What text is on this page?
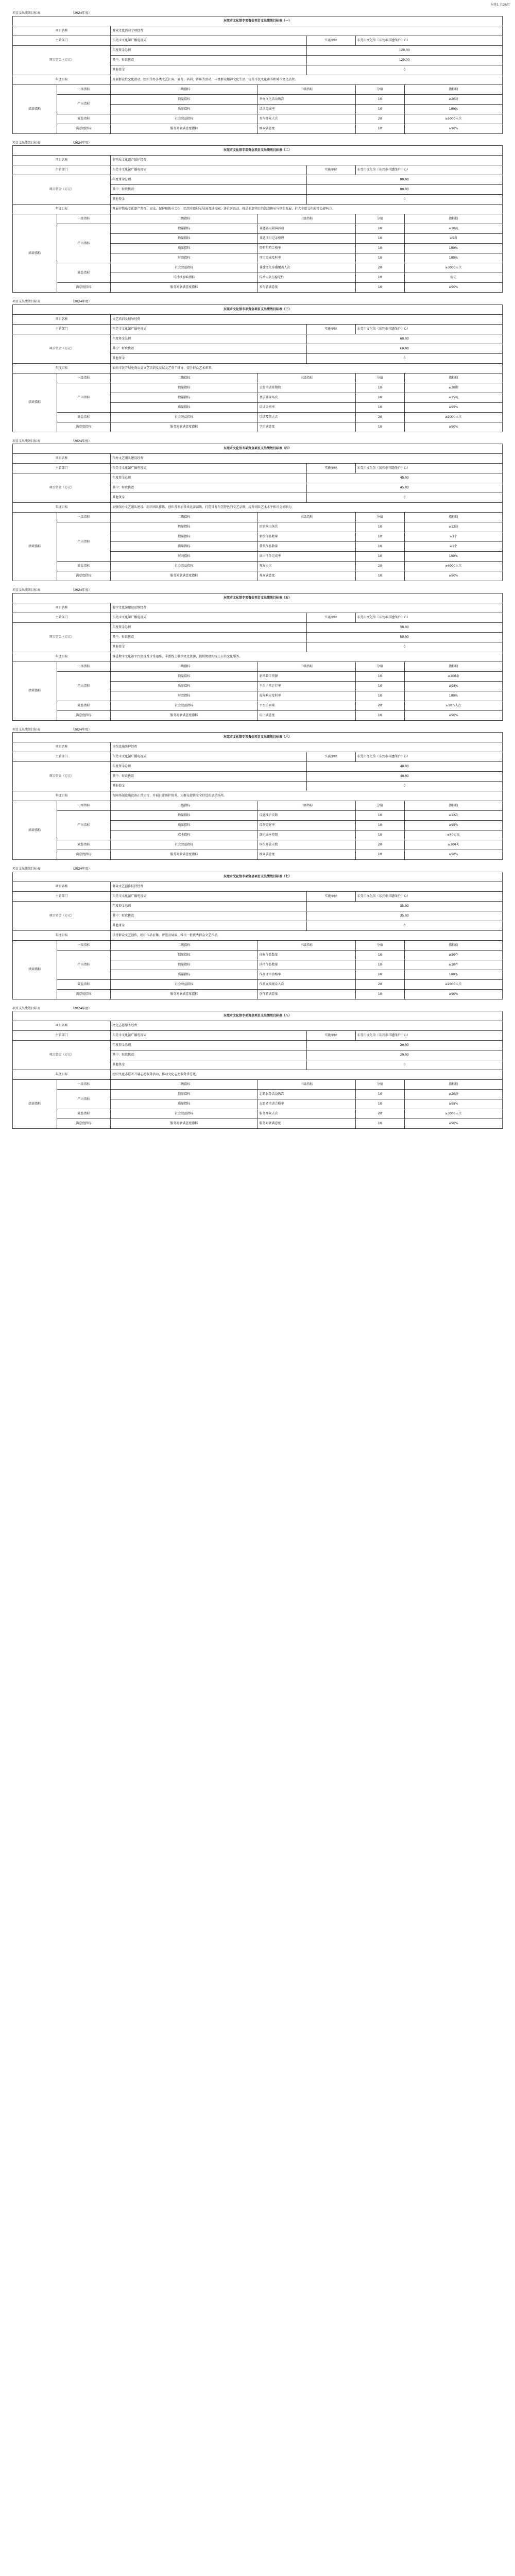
附件1 共26页
项目支出绩效目标表	（2024年度）
东莞市文化馆专项资金项目支出绩效目标表（一）						
项目名称		群众文化活动专项经费				
主管部门		东莞市文化馆广播电视局		实施单位	东莞市文化馆（东莞市非遗保护中心）	
项目资金（万元）		年度资金总额		120.00		
		其中：财政拨款		120.00		
		其他资金		0		
年度目标		开展群众性文化活动，组织举办各类文艺汇演、展览、培训、讲座等活动，丰富群众精神文化生活，提升市民文化素养和城市文化品位。				
绩效指标	一级指标	二级指标	三级指标		分值	指标值
	产出指标	数量指标	举办文化活动场次		10	≥20场
		质量指标	活动完成率		10	100%
	效益指标	社会效益指标	参与群众人次		20	≥5000人次
	满意度指标	服务对象满意度指标	群众满意度		10	≥90%
项目支出绩效目标表	（2024年度）
东莞市文化馆专项资金项目支出绩效目标表（二）						
项目名称		非物质文化遗产保护经费				
主管部门		东莞市文化馆广播电视局		实施单位	东莞市文化馆（东莞市非遗保护中心）	
项目资金（万元）		年度资金总额		80.00		
		其中：财政拨款		80.00		
		其他资金		0		
年度目标		开展非物质文化遗产普查、记录、保护和传承工作，组织非遗展示展演及进校园、进社区活动，推动非遗项目的活态传承与创新发展，扩大非遗文化的社会影响力。				
绩效指标	一级指标	二级指标	三级指标		分值	指标值
	产出指标	数量指标	非遗展示展演活动		10	≥10场
		数量指标	非遗项目记录整理		10	≥5项
		质量指标	资料归档合格率		10	100%
		时效指标	项目完成及时率		10	100%
	效益指标	社会效益指标	非遗文化传播覆盖人次		20	≥3000人次
		可持续影响指标	传承人队伍稳定性		10	稳定
	满意度指标	服务对象满意度指标	参与者满意度		10	≥90%
项目支出绩效目标表	（2024年度）
东莞市文化馆专项资金项目支出绩效目标表（三）						
项目名称		文艺培训及辅导经费				
主管部门		东莞市文化馆广播电视局		实施单位	东莞市文化馆（东莞市非遗保护中心）	
项目资金（万元）		年度资金总额		60.00		
		其中：财政拨款		60.00		
		其他资金		0		
年度目标		面向市民开展免费公益文艺培训及基层文艺骨干辅导，提升群众艺术素养。				
绩效指标	一级指标	二级指标	三级指标		分值	指标值
	产出指标	数量指标	公益培训班期数		10	≥30期
		数量指标	基层辅导场次		10	≥15场
		质量指标	培训合格率		10	≥95%
	效益指标	社会效益指标	培训覆盖人次		20	≥2000人次
	满意度指标	服务对象满意度指标	学员满意度		10	≥90%
项目支出绩效目标表	（2024年度）
东莞市文化馆专项资金项目支出绩效目标表（四）						
项目名称		馆办文艺团队建设经费				
主管部门		东莞市文化馆广播电视局		实施单位	东莞市文化馆（东莞市非遗保护中心）	
项目资金（万元）		年度资金总额		45.00		
		其中：财政拨款		45.00		
		其他资金		0		
年度目标		加强馆办文艺团队建设，组织团队排练、创作及参加各类比赛演出，打造具有东莞特色的文艺品牌，提升团队艺术水平和社会影响力。				
绩效指标	一级指标	二级指标	三级指标		分值	指标值
	产出指标	数量指标	团队演出场次		10	≥12场
		数量指标	新创作品数量		10	≥3个
		质量指标	获奖作品数量		10	≥1个
		时效指标	演出任务完成率		10	100%
	效益指标	社会效益指标	观众人次		20	≥4000人次
	满意度指标	服务对象满意度指标	观众满意度		10	≥90%
项目支出绩效目标表	（2024年度）
东莞市文化馆专项资金项目支出绩效目标表（五）						
项目名称		数字文化馆建设运维经费				
主管部门		东莞市文化馆广播电视局		实施单位	东莞市文化馆（东莞市非遗保护中心）	
项目资金（万元）		年度资金总额		50.00		
		其中：财政拨款		50.00		
		其他资金		0		
年度目标		推进数字文化馆平台建设及日常运维，丰富线上数字文化资源，提供便捷的线上公共文化服务。				
绩效指标	一级指标	二级指标	三级指标		分值	指标值
	产出指标	数量指标	新增数字资源		10	≥100条
		质量指标	平台正常运行率		10	≥98%
		时效指标	故障响应及时率		10	100%
	效益指标	社会效益指标	平台访问量		20	≥10万人次
	满意度指标	服务对象满意度指标	用户满意度		10	≥90%
项目支出绩效目标表	（2024年度）
东莞市文化馆专项资金项目支出绩效目标表（六）						
项目名称		场馆设施维护经费				
主管部门		东莞市文化馆广播电视局		实施单位	东莞市文化馆（东莞市非遗保护中心）	
项目资金（万元）		年度资金总额		40.00		
		其中：财政拨款		40.00		
		其他资金		0		
年度目标		保障场馆设施设备正常运行，开展日常维护保养，为群众提供安全舒适的活动场所。				
绩效指标	一级指标	二级指标	三级指标		分值	指标值
	产出指标	数量指标	设施维护次数		10	≥12次
		质量指标	设备完好率		10	≥95%
		成本指标	维护成本控制		10	≤40万元
	效益指标	社会效益指标	场馆开放天数		20	≥300天
	满意度指标	服务对象满意度指标	群众满意度		10	≥90%
项目支出绩效目标表	（2024年度）
东莞市文化馆专项资金项目支出绩效目标表（七）						
项目名称		群众文艺创作扶持经费				
主管部门		东莞市文化馆广播电视局		实施单位	东莞市文化馆（东莞市非遗保护中心）	
项目资金（万元）		年度资金总额		35.00		
		其中：财政拨款		35.00		
		其他资金		0		
年度目标		扶持群众文艺创作，组织作品征集、评选及展演，推出一批优秀群众文艺作品。				
绩效指标	一级指标	二级指标	三级指标		分值	指标值
	产出指标	数量指标	征集作品数量		10	≥50件
		数量指标	扶持作品数量		10	≥10件
		质量指标	作品评审合格率		10	100%
	效益指标	社会效益指标	作品展演观众人次		20	≥2000人次
	满意度指标	服务对象满意度指标	创作者满意度		10	≥90%
项目支出绩效目标表	（2024年度）
东莞市文化馆专项资金项目支出绩效目标表（八）						
项目名称		文化志愿服务经费				
主管部门		东莞市文化馆广播电视局		实施单位	东莞市文化馆（东莞市非遗保护中心）	
项目资金（万元）		年度资金总额		20.00		
		其中：财政拨款		20.00		
		其他资金		0		
年度目标		组织文化志愿者开展志愿服务活动，推动文化志愿服务常态化。				
绩效指标	一级指标	二级指标	三级指标		分值	指标值
	产出指标	数量指标	志愿服务活动场次		10	≥20场
		质量指标	志愿者培训合格率		10	≥95%
	效益指标	社会效益指标	服务群众人次		20	≥3000人次
	满意度指标	服务对象满意度指标	服务对象满意度		10	≥90%
